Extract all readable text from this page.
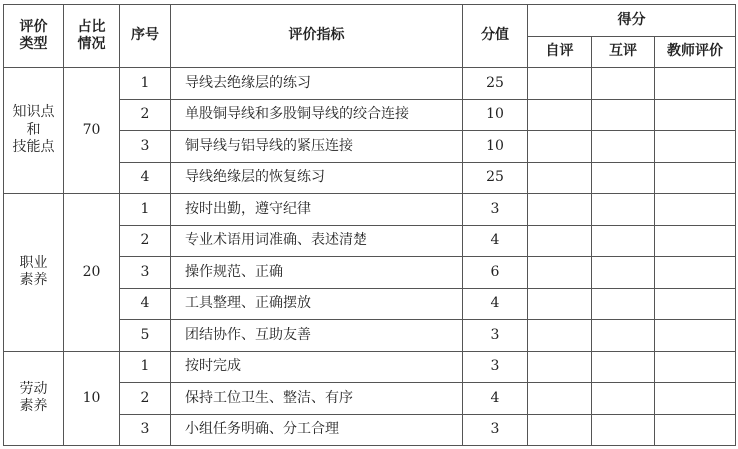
评价
类型	占比
情况	序号	评价指标	分值	得分		
					自评	互评	教师评价

知识点
和
技能点	70	1	导线去绝缘层的练习	25			
		2	单股铜导线和多股铜导线的绞合连接	10			
		3	铜导线与铝导线的紧压连接	10			
		4	导线绝缘层的恢复练习	25			

职业
素养	20	1	按时出勤，遵守纪律	3			
		2	专业术语用词准确、表述清楚	4			
		3	操作规范、正确	6			
		4	工具整理、正确摆放	4			
		5	团结协作、互助友善	3			

劳动
素养	10	1	按时完成	3			
		2	保持工位卫生、整洁、有序	4			
		3	小组任务明确、分工合理	3			
